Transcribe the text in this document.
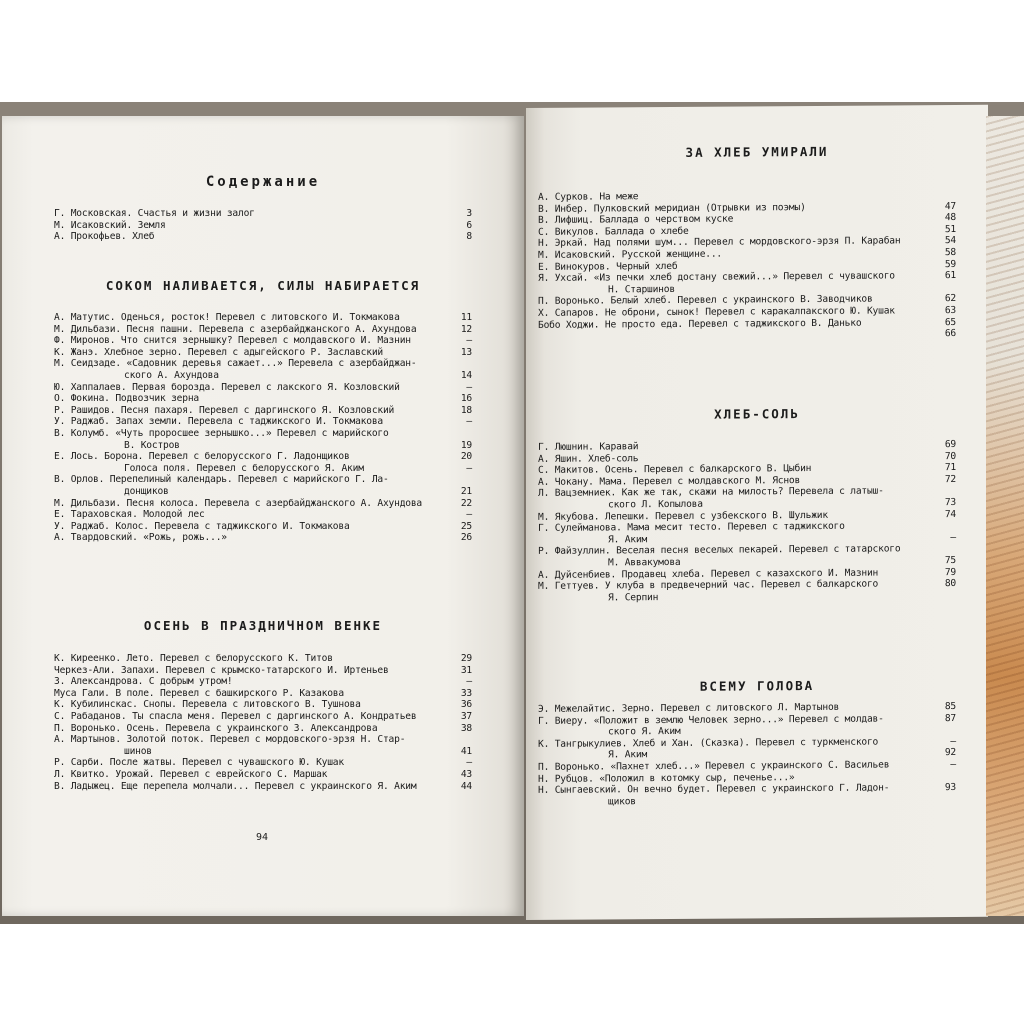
Содержание
Г. Московская. Счастья и жизни залог	3
М. Исаковский. Земля	6
А. Прокофьев. Хлеб	8
СОКОМ НАЛИВАЕТСЯ, СИЛЫ НАБИРАЕТСЯ
А. Матутис. Оденься, росток! Перевел с литовского И. Токмакова	11
М. Дильбази. Песня пашни. Перевела с азербайджанского А. Ахундова	12
Ф. Миронов. Что снится зернышку? Перевел с молдавского И. Мазнин	—
К. Жанэ. Хлебное зерно. Перевел с адыгейского Р. Заславский	13
М. Сеидзаде. «Садовник деревья сажает...» Перевела с азербайджан-
ского А. Ахундова	14
Ю. Хаппалаев. Первая борозда. Перевел с лакского Я. Козловский	—
О. Фокина. Подвозчик зерна	16
Р. Рашидов. Песня пахаря. Перевел с даргинского Я. Козловский	18
У. Раджаб. Запах земли. Перевела с таджикского И. Токмакова	—
В. Колумб. «Чуть проросшее зернышко...» Перевел с марийского
В. Костров	19
Е. Лось. Борона. Перевел с белорусского Г. Ладонщиков	20
Голоса поля. Перевел с белорусского Я. Аким	—
В. Орлов. Перепелиный календарь. Перевел с марийского Г. Ла-
донщиков	21
М. Дильбази. Песня колоса. Перевела с азербайджанского А. Ахундова	22
Е. Тараховская. Молодой лес	—
У. Раджаб. Колос. Перевела с таджикского И. Токмакова	25
А. Твардовский. «Рожь, рожь...»	26
ОСЕНЬ В ПРАЗДНИЧНОМ ВЕНКЕ
К. Киреенко. Лето. Перевел с белорусского К. Титов	29
Черкез-Али. Запахи. Перевел с крымско-татарского И. Иртеньев	31
З. Александрова. С добрым утром!	—
Муса Гали. В поле. Перевел с башкирского Р. Казакова	33
К. Кубилинскас. Снопы. Перевела с литовского В. Тушнова	36
С. Рабаданов. Ты спасла меня. Перевел с даргинского А. Кондратьев	37
П. Воронько. Осень. Перевела с украинского З. Александрова	38
А. Мартынов. Золотой поток. Перевел с мордовского-эрзя Н. Стар-
шинов	41
Р. Сарби. После жатвы. Перевел с чувашского Ю. Кушак	—
Л. Квитко. Урожай. Перевел с еврейского С. Маршак	43
В. Ладыжец. Еще перепела молчали... Перевел с украинского Я. Аким	44
94
ЗА ХЛЕБ УМИРАЛИ
А. Сурков. На меже
В. Инбер. Пулковский меридиан (Отрывки из поэмы)	47
В. Лифшиц. Баллада о черством куске	48
С. Викулов. Баллада о хлебе	51
Н. Эркай. Над полями шум... Перевел с мордовского-эрзя П. Карабан	54
М. Исаковский. Русской женщине...	58
Е. Винокуров. Черный хлеб	59
Я. Ухсай. «Из печки хлеб достану свежий...» Перевел с чувашского	61
Н. Старшинов
П. Воронько. Белый хлеб. Перевел с украинского В. Заводчиков	62
Х. Сапаров. Не оброни, сынок! Перевел с каракалпакского Ю. Кушак	63
Бобо Ходжи. Не просто еда. Перевел с таджикского В. Данько	65
66
ХЛЕБ-СОЛЬ
Г. Люшнин. Каравай	69
А. Яшин. Хлеб-соль	70
С. Макитов. Осень. Перевел с балкарского В. Цыбин	71
А. Чокану. Мама. Перевел с молдавского М. Яснов	72
Л. Вацземниек. Как же так, скажи на милость? Перевела с латыш-
ского Л. Копылова	73
М. Якубова. Лепешки. Перевел с узбекского В. Шульжик	74
Г. Сулейманова. Мама месит тесто. Перевел с таджикского
Я. Аким	—
Р. Файзуллин. Веселая песня веселых пекарей. Перевел с татарского
М. Аввакумова	75
А. Дуйсенбиев. Продавец хлеба. Перевел с казахского И. Мазнин	79
М. Геттуев. У клуба в предвечерний час. Перевел с балкарского	80
Я. Серпин
ВСЕМУ ГОЛОВА
Э. Межелайтис. Зерно. Перевел с литовского Л. Мартынов	85
Г. Виеру. «Положит в землю Человек зерно...» Перевел с молдав-	87
ского Я. Аким
К. Тангрыкулиев. Хлеб и Хан. (Сказка). Перевел с туркменского	—
Я. Аким	92
П. Воронько. «Пахнет хлеб...» Перевел с украинского С. Васильев	—
Н. Рубцов. «Положил в котомку сыр, печенье...»
Н. Сынгаевский. Он вечно будет. Перевел с украинского Г. Ладон-	93
щиков
